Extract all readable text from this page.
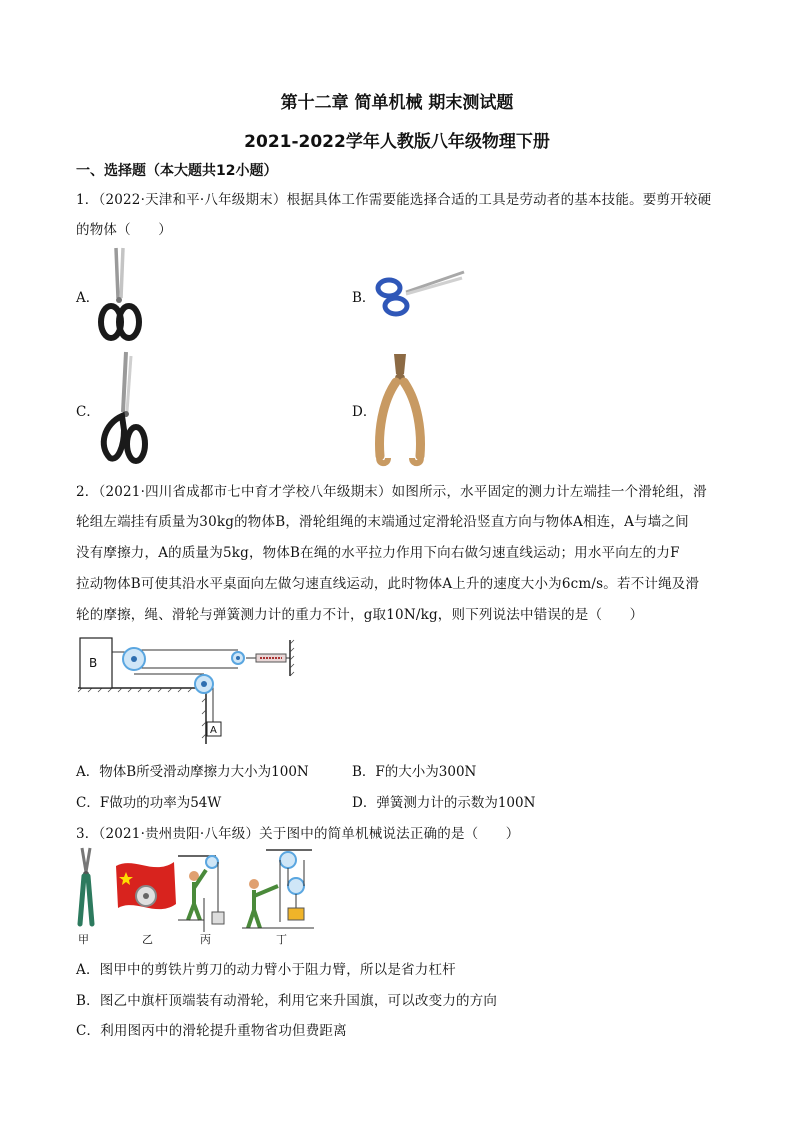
第十二章 简单机械 期末测试题
2021-2022学年人教版八年级物理下册
一、选择题（本大题共12小题）
1．（2022·天津和平·八年级期末）根据具体工作需要能选择合适的工具是劳动者的基本技能。要剪开较硬
的物体（　　）
A．	B．
C．	D．
2．（2021·四川省成都市七中育才学校八年级期末）如图所示，水平固定的测力计左端挂一个滑轮组，滑
轮组左端挂有质量为30kg的物体B，滑轮组绳的末端通过定滑轮沿竖直方向与物体A相连，A与墙之间
没有摩擦力，A的质量为5kg，物体B在绳的水平拉力作用下向右做匀速直线运动；用水平向左的力F
拉动物体B可使其沿水平桌面向左做匀速直线运动，此时物体A上升的速度大小为6cm/s。若不计绳及滑
轮的摩擦，绳、滑轮与弹簧测力计的重力不计，g取10N/kg，则下列说法中错误的是（　　）
B
A
A．物体B所受滑动摩擦力大小为100N	B．F的大小为300N
C．F做功的功率为54W	D．弹簧测力计的示数为100N
3．（2021·贵州贵阳·八年级）关于图中的简单机械说法正确的是（　　）
甲	乙	丙	丁
A．图甲中的剪铁片剪刀的动力臂小于阻力臂，所以是省力杠杆
B．图乙中旗杆顶端装有动滑轮，利用它来升国旗，可以改变力的方向
C．利用图丙中的滑轮提升重物省功但费距离
